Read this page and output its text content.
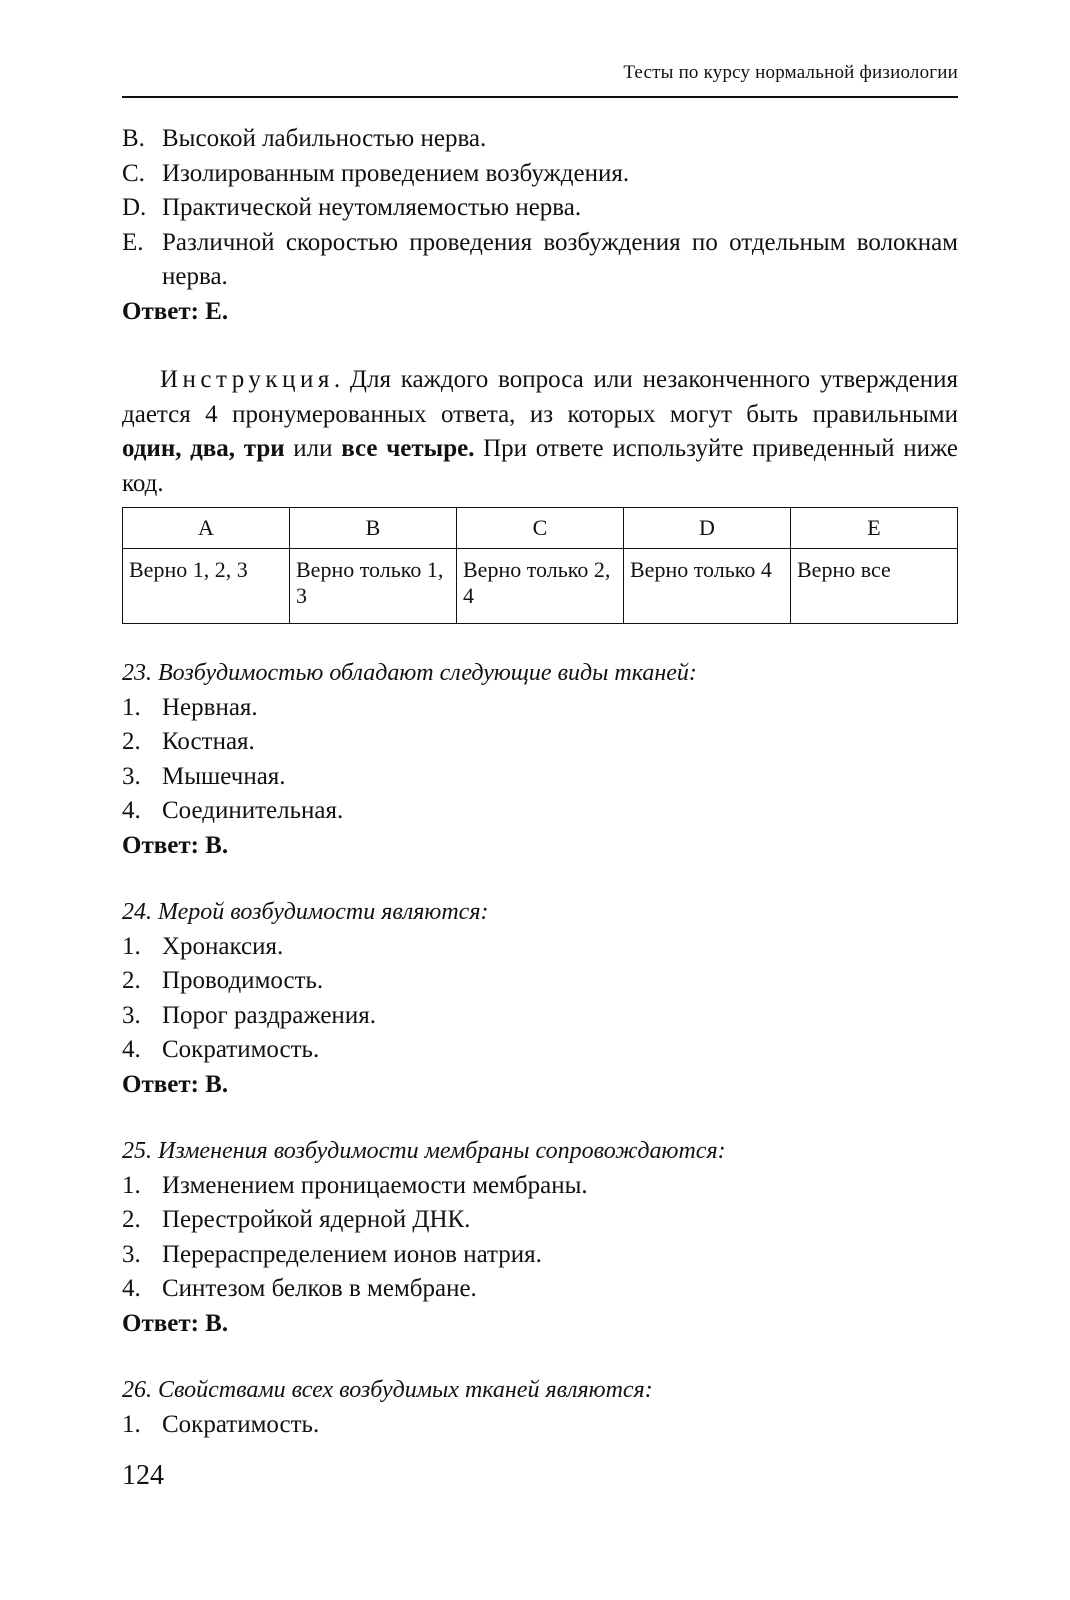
Тесты по курсу нормальной физиологии
B. Высокой лабильностью нерва.
C. Изолированным проведением возбуждения.
D. Практической неутомляемостью нерва.
E. Различной скоростью проведения возбуждения по отдельным волокнам нерва.

Ответ: Е.

Инструкция. Для каждого вопроса или незаконченного утверждения дается 4 пронумерованных ответа, из которых могут быть правильными один, два, три или все четыре. При ответе используйте приведенный ниже код.

A	B	C	D	E
Верно 1, 2, 3	Верно только 1, 3	Верно только 2, 4	Верно только 4	Верно все

23. Возбудимостью обладают следующие виды тканей:

1. Нервная.
2. Костная.
3. Мышечная.
4. Соединительная.

Ответ: В.

24. Мерой возбудимости являются:

1. Хронаксия.
2. Проводимость.
3. Порог раздражения.
4. Сократимость.

Ответ: В.

25. Изменения возбудимости мембраны сопровождаются:

1. Изменением проницаемости мембраны.
2. Перестройкой ядерной ДНК.
3. Перераспределением ионов натрия.
4. Синтезом белков в мембране.

Ответ: В.

26. Свойствами всех возбудимых тканей являются:

1. Сократимость.
124
